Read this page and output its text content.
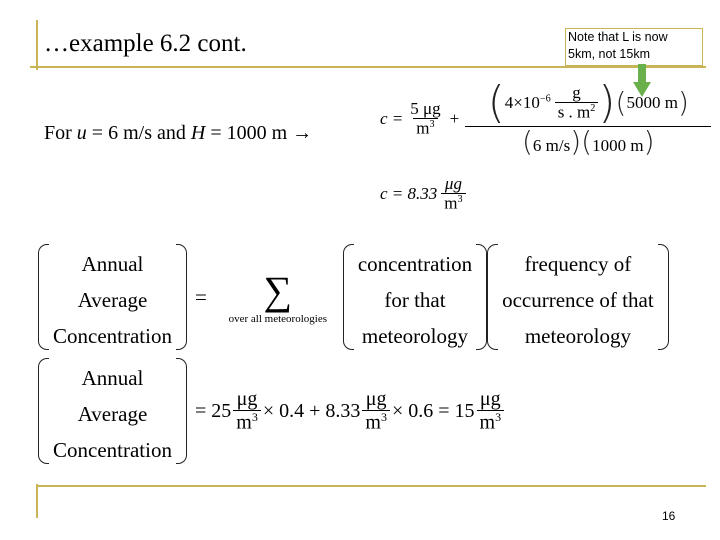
…example 6.2 cont.	Note that L is now
5km, not 15km
For u = 6 m/s and H = 1000 m →
$c = \frac{5 \mu g}{m^3}$ + ( $4\times 10^{-6} \frac{g}{s . m^2}$ ) ( 5000 m )
(6 m/s)(1000 m)
$c = 8.33 \frac{\mu g}{m^3}$
Annual
Average
Concentration
= ∑
over all meteorologies
concentration
for that
meteorology
frequency of
occurrence of that
meteorology
Annual
Average
Concentration
= $25 \frac{\mu g}{m^3} \times 0.4 + 8.33 \frac{\mu g}{m^3} \times 0.6 = 15 \frac{\mu g}{m^3}$
16
